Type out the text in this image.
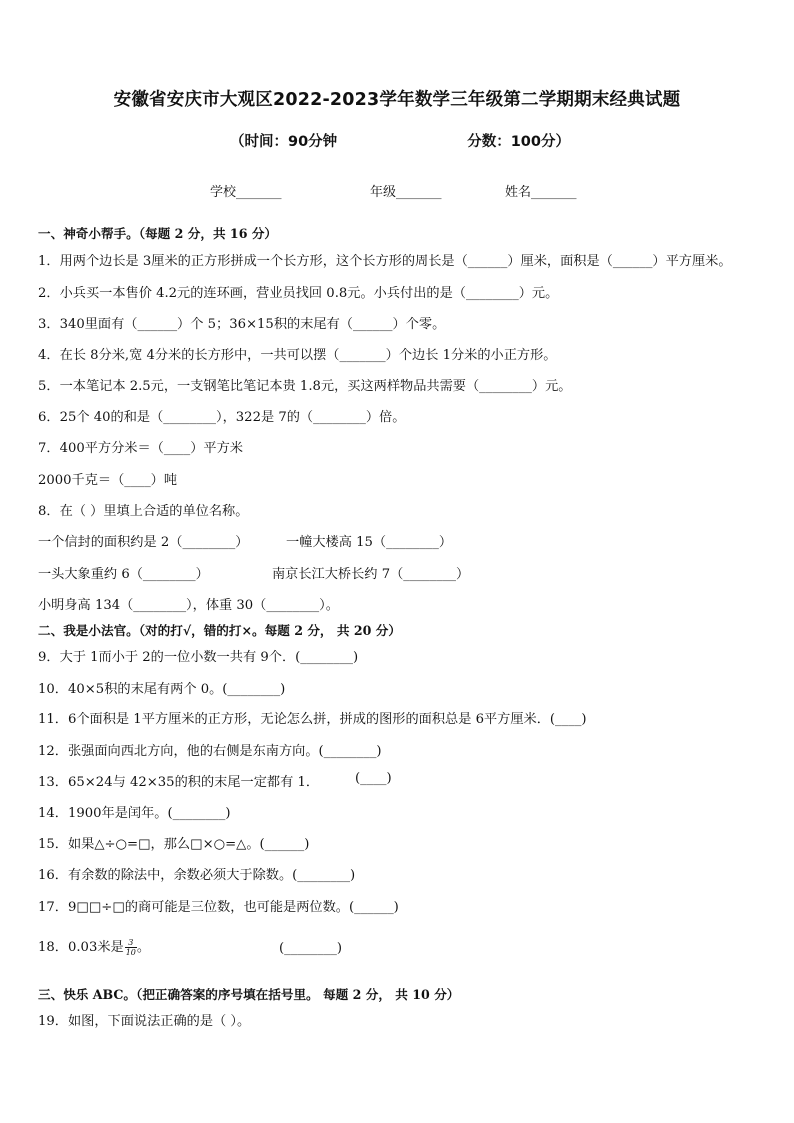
安徽省安庆市大观区2022-2023学年数学三年级第二学期期末经典试题
（时间：90分钟	分数：100分）
学校_______	年级_______	姓名_______
一、神奇小帮手。（每题 2 分，共 16 分）
1．用两个边长是 3厘米的正方形拼成一个长方形，这个长方形的周长是（______）厘米，面积是（______）平方厘米。
2．小兵买一本售价 4.2元的连环画，营业员找回 0.8元。小兵付出的是（________）元。
3．340里面有（______）个 5；36×15积的末尾有（______）个零。
4．在长 8分米,宽 4分米的长方形中，一共可以摆（_______）个边长 1分米的小正方形。
5．一本笔记本 2.5元，一支钢笔比笔记本贵 1.8元，买这两样物品共需要（________）元。
6．25个 40的和是（________），322是 7的（________）倍。
7．400平方分米＝（____）平方米
2000千克＝（____）吨
8．在（ ）里填上合适的单位名称。
一个信封的面积约是 2（________）	一幢大楼高 15（________）
一头大象重约 6（________）	南京长江大桥长约 7（________）
小明身高 134（________），体重 30（________）。
二、我是小法官。（对的打√，错的打×。每题 2 分， 共 20 分）
9．大于 1而小于 2的一位小数一共有 9个．(________)
10．40×5积的末尾有两个 0。(________)
11．6个面积是 1平方厘米的正方形，无论怎么拼，拼成的图形的面积总是 6平方厘米．(____)
12．张强面向西北方向，他的右侧是东南方向。(________)
13．65×24与 42×35的积的末尾一定都有 1．	(____)
14．1900年是闰年。(________)
15．如果△÷○=□，那么□×○=△。(______)
16．有余数的除法中，余数必须大于除数。(________)
17．9□□÷□的商可能是三位数，也可能是两位数。(______)
18．0.03米是 $\frac{3}{10}$ 。	(________)
三、快乐 ABC。（把正确答案的序号填在括号里。 每题 2 分， 共 10 分）
19．如图，下面说法正确的是（ ）。
